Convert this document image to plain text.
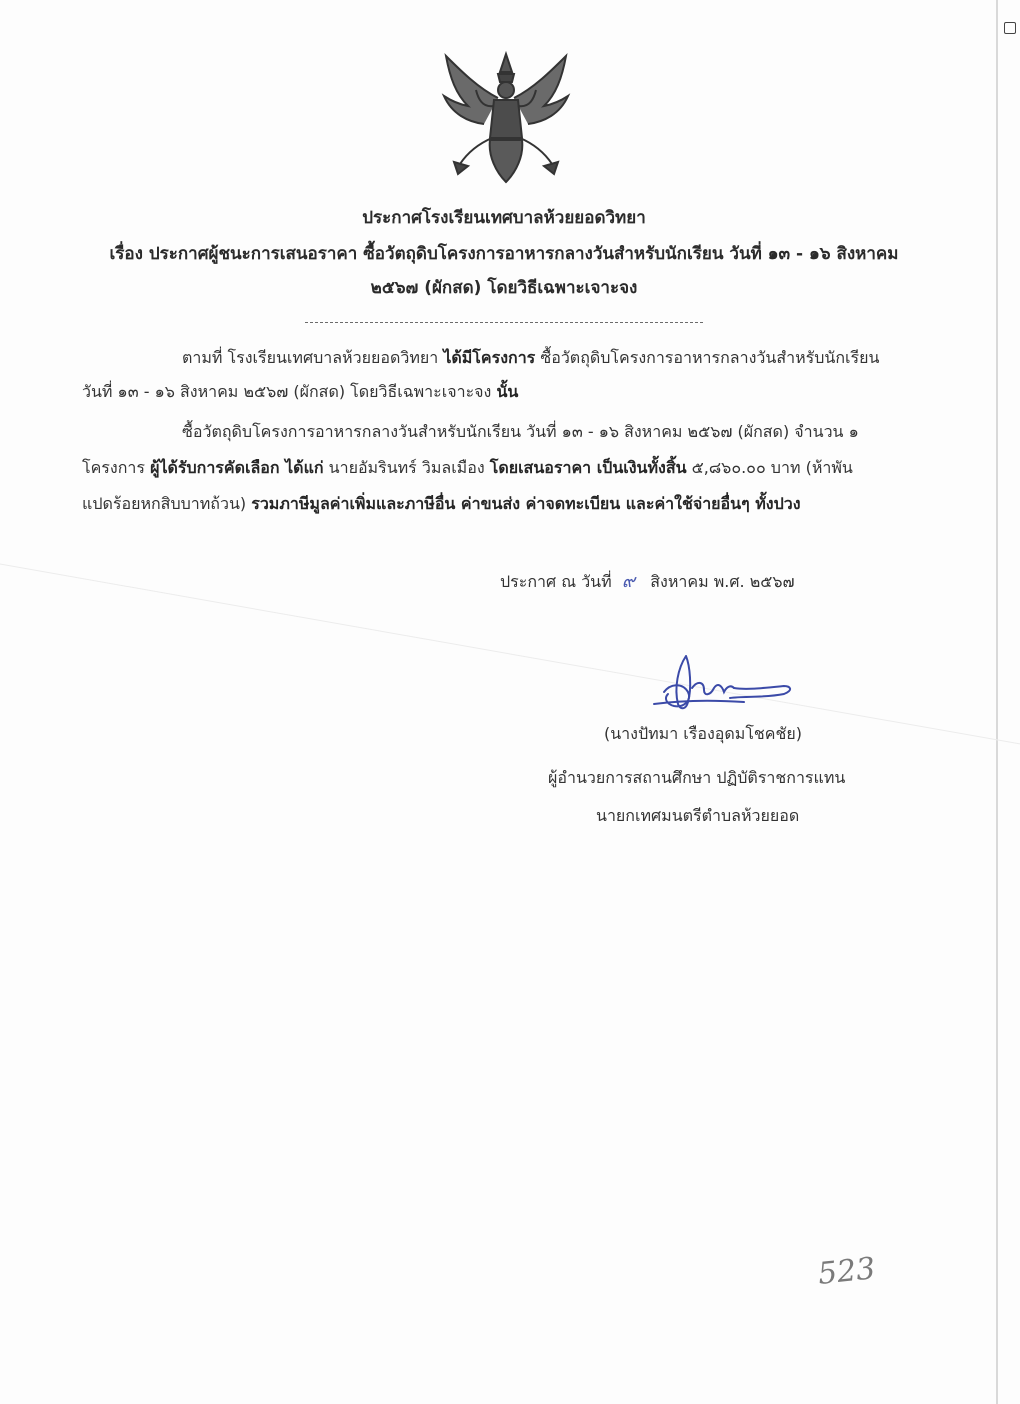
ประกาศโรงเรียนเทศบาลห้วยยอดวิทยา
เรื่อง ประกาศผู้ชนะการเสนอราคา ซื้อวัตถุดิบโครงการอาหารกลางวันสำหรับนักเรียน วันที่ ๑๓ - ๑๖ สิงหาคม
๒๕๖๗ (ผักสด) โดยวิธีเฉพาะเจาะจง
ตามที่ โรงเรียนเทศบาลห้วยยอดวิทยา ได้มีโครงการ ซื้อวัตถุดิบโครงการอาหารกลางวันสำหรับนักเรียน
วันที่ ๑๓ - ๑๖ สิงหาคม ๒๕๖๗ (ผักสด) โดยวิธีเฉพาะเจาะจง นั้น
ซื้อวัตถุดิบโครงการอาหารกลางวันสำหรับนักเรียน วันที่ ๑๓ - ๑๖ สิงหาคม ๒๕๖๗ (ผักสด) จำนวน ๑
โครงการ ผู้ได้รับการคัดเลือก ได้แก่ นายอัมรินทร์ วิมลเมือง โดยเสนอราคา เป็นเงินทั้งสิ้น ๕,๘๖๐.๐๐ บาท (ห้าพัน
แปดร้อยหกสิบบาทถ้วน) รวมภาษีมูลค่าเพิ่มและภาษีอื่น ค่าขนส่ง ค่าจดทะเบียน และค่าใช้จ่ายอื่นๆ ทั้งปวง
ประกาศ ณ วันที่ ๙ สิงหาคม พ.ศ. ๒๕๖๗
(นางปัทมา เรืองอุดมโชคชัย)
ผู้อำนวยการสถานศึกษา ปฏิบัติราชการแทน
นายกเทศมนตรีตำบลห้วยยอด
523
